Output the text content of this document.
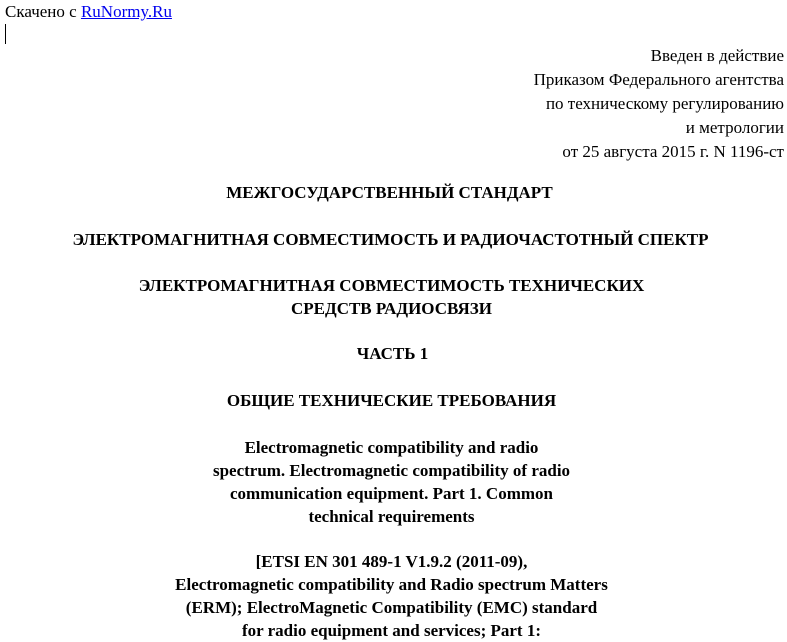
Скачено с RuNormy.Ru
Введен в действие
Приказом Федерального агентства
по техническому регулированию
и метрологии
от 25 августа 2015 г. N 1196-ст
МЕЖГОСУДАРСТВЕННЫЙ СТАНДАРТ
ЭЛЕКТРОМАГНИТНАЯ СОВМЕСТИМОСТЬ И РАДИОЧАСТОТНЫЙ СПЕКТР
ЭЛЕКТРОМАГНИТНАЯ СОВМЕСТИМОСТЬ ТЕХНИЧЕСКИХ
СРЕДСТВ РАДИОСВЯЗИ
ЧАСТЬ 1
ОБЩИЕ ТЕХНИЧЕСКИЕ ТРЕБОВАНИЯ
Electromagnetic compatibility and radio
spectrum. Electromagnetic compatibility of radio
communication equipment. Part 1. Common
technical requirements
[ETSI EN 301 489-1 V1.9.2 (2011-09),
Electromagnetic compatibility and Radio spectrum Matters
(ERM); ElectroMagnetic Compatibility (EMC) standard
for radio equipment and services; Part 1:
